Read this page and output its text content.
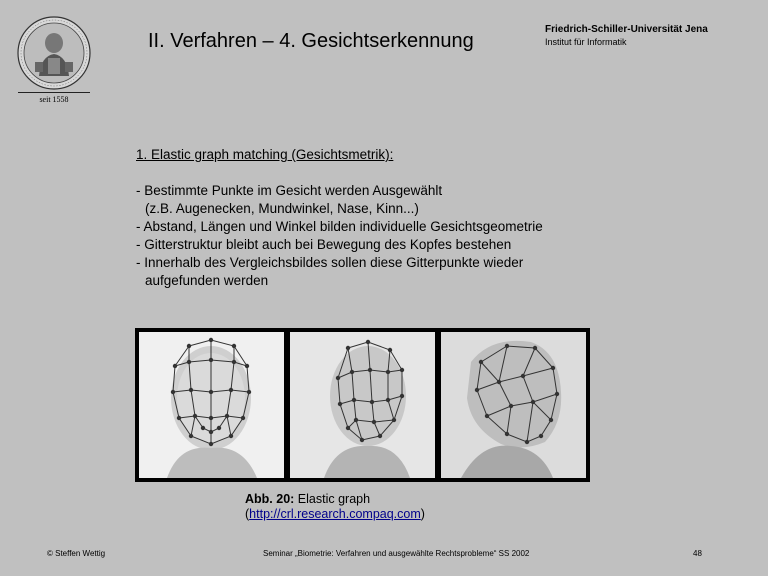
seit 1558
II. Verfahren – 4. Gesichtserkennung
Friedrich-Schiller-Universität Jena
Institut für Informatik
1. Elastic graph matching (Gesichtsmetrik):
- Bestimmte Punkte im Gesicht werden Ausgewählt
(z.B. Augenecken, Mundwinkel, Nase, Kinn...)
- Abstand, Längen und Winkel bilden individuelle Gesichtsgeometrie
- Gitterstruktur bleibt auch bei Bewegung des Kopfes bestehen
- Innerhalb des Vergleichsbildes sollen diese Gitterpunkte wieder
aufgefunden werden
Abb. 20: Elastic graph
(http://crl.research.compaq.com)
© Steffen Wettig	Seminar „Biometrie: Verfahren und ausgewählte Rechtsprobleme“ SS 2002	48
